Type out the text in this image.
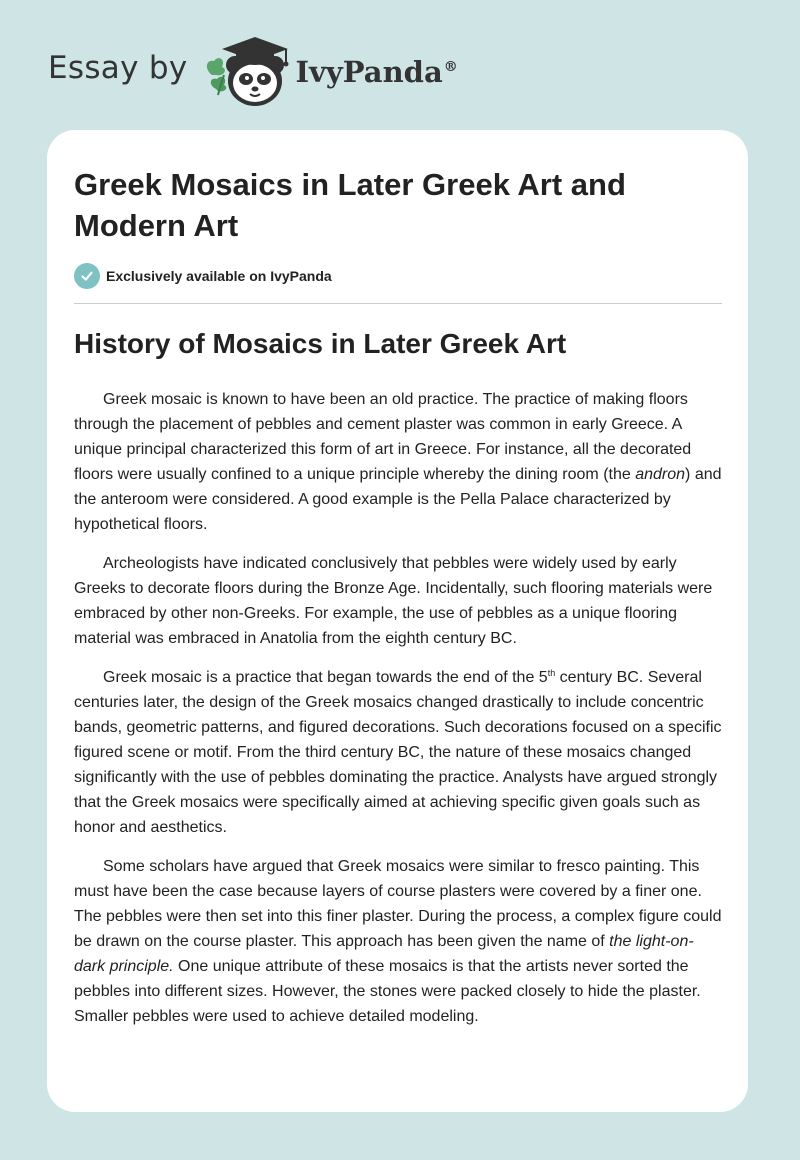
Essay by	IvyPanda®
Greek Mosaics in Later Greek Art and Modern Art
Exclusively available on IvyPanda
History of Mosaics in Later Greek Art

Greek mosaic is known to have been an old practice. The practice of making floors through the placement of pebbles and cement plaster was common in early Greece. A unique principal characterized this form of art in Greece. For instance, all the decorated floors were usually confined to a unique principle whereby the dining room (the andron) and the anteroom were considered. A good example is the Pella Palace characterized by hypothetical floors.

Archeologists have indicated conclusively that pebbles were widely used by early Greeks to decorate floors during the Bronze Age. Incidentally, such flooring materials were embraced by other non-Greeks. For example, the use of pebbles as a unique flooring material was embraced in Anatolia from the eighth century BC.

Greek mosaic is a practice that began towards the end of the 5th century BC. Several centuries later, the design of the Greek mosaics changed drastically to include concentric bands, geometric patterns, and figured decorations. Such decorations focused on a specific figured scene or motif. From the third century BC, the nature of these mosaics changed significantly with the use of pebbles dominating the practice. Analysts have argued strongly that the Greek mosaics were specifically aimed at achieving specific given goals such as honor and aesthetics.

Some scholars have argued that Greek mosaics were similar to fresco painting. This must have been the case because layers of course plasters were covered by a finer one. The pebbles were then set into this finer plaster. During the process, a complex figure could be drawn on the course plaster. This approach has been given the name of the light-on-dark principle. One unique attribute of these mosaics is that the artists never sorted the pebbles into different sizes. However, the stones were packed closely to hide the plaster. Smaller pebbles were used to achieve detailed modeling.
